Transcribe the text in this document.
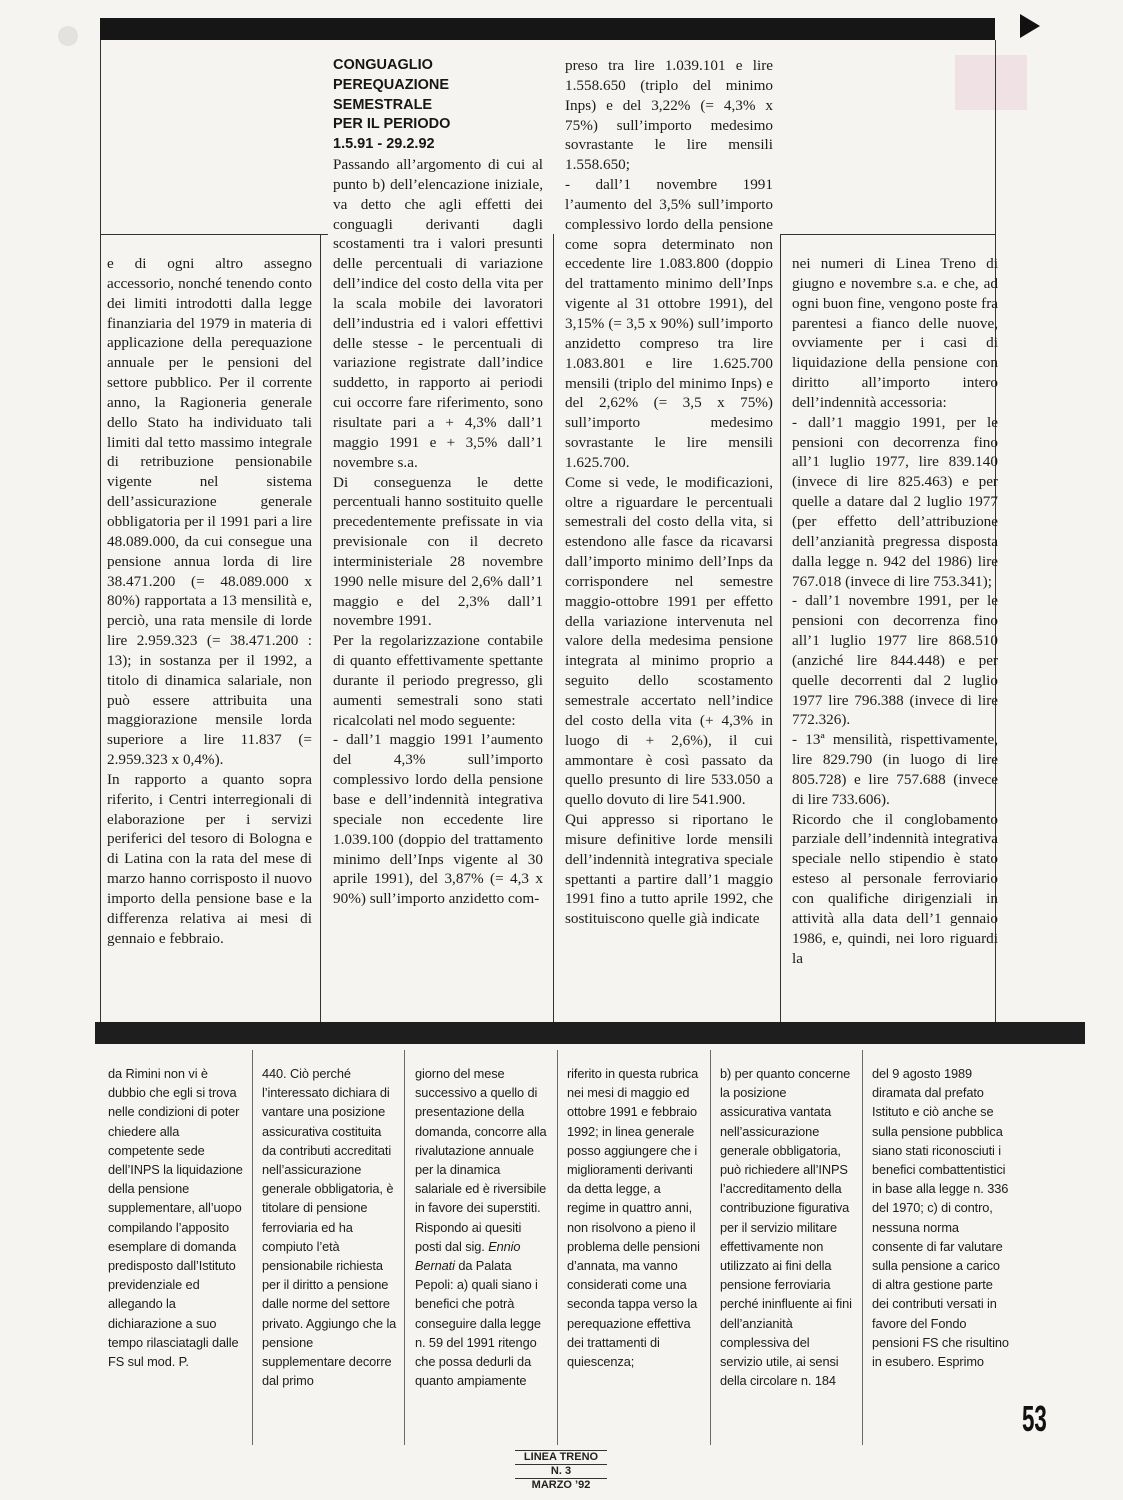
e di ogni altro assegno accessorio, nonché tenendo conto dei limiti introdotti dalla legge finanziaria del 1979 in materia di applicazione della perequazione annuale per le pensioni del settore pubblico. Per il corrente anno, la Ragioneria generale dello Stato ha individuato tali limiti dal tetto massimo integrale di retribuzione pensionabile vigente nel sistema dell’assicurazione generale obbligatoria per il 1991 pari a lire 48.089.000, da cui consegue una pensione annua lorda di lire 38.471.200 (= 48.089.000 x 80%) rapportata a 13 mensilità e, perciò, una rata mensile di lorde lire 2.959.323 (= 38.471.200 : 13); in sostanza per il 1992, a titolo di dinamica salariale, non può essere attribuita una maggiorazione mensile lorda superiore a lire 11.837 (= 2.959.323 x 0,4%).

In rapporto a quanto sopra riferito, i Centri interregionali di elaborazione per i servizi periferici del tesoro di Bologna e di Latina con la rata del mese di marzo hanno corrisposto il nuovo importo della pensione base e la differenza relativa ai mesi di gennaio e febbraio.

CONGUAGLIO
PEREQUAZIONE
SEMESTRALE
PER IL PERIODO
1.5.91 - 29.2.92

Passando all’argomento di cui al punto b) dell’elencazione iniziale, va detto che agli effetti dei conguagli derivanti dagli scostamenti tra i valori presunti delle percentuali di variazione dell’indice del costo della vita per la scala mobile dei lavoratori dell’industria ed i valori effettivi delle stesse - le percentuali di variazione registrate dall’indice suddetto, in rapporto ai periodi cui occorre fare riferimento, sono risultate pari a + 4,3% dall’1 maggio 1991 e + 3,5% dall’1 novembre s.a.

Di conseguenza le dette percentuali hanno sostituito quelle precedentemente prefissate in via previsionale con il decreto interministeriale 28 novembre 1990 nelle misure del 2,6% dall’1 maggio e del 2,3% dall’1 novembre 1991.

Per la regolarizzazione contabile di quanto effettivamente spettante durante il periodo pregresso, gli aumenti semestrali sono stati ricalcolati nel modo seguente:

- dall’1 maggio 1991 l’aumento del 4,3% sull’importo complessivo lordo della pensione base e dell’indennità integrativa speciale non eccedente lire 1.039.100 (doppio del trattamento minimo dell’Inps vigente al 30 aprile 1991), del 3,87% (= 4,3 x 90%) sull’importo anzidetto com-

preso tra lire 1.039.101 e lire 1.558.650 (triplo del minimo Inps) e del 3,22% (= 4,3% x 75%) sull’importo medesimo sovrastante le lire mensili 1.558.650;

- dall’1 novembre 1991 l’aumento del 3,5% sull’importo complessivo lordo della pensione come sopra determinato non eccedente lire 1.083.800 (doppio del trattamento minimo dell’Inps vigente al 31 ottobre 1991), del 3,15% (= 3,5 x 90%) sull’importo anzidetto compreso tra lire 1.083.801 e lire 1.625.700 mensili (triplo del minimo Inps) e del 2,62% (= 3,5 x 75%) sull’importo medesimo sovrastante le lire mensili 1.625.700.

Come si vede, le modificazioni, oltre a riguardare le percentuali semestrali del costo della vita, si estendono alle fasce da ricavarsi dall’importo minimo dell’Inps da corrispondere nel semestre maggio-ottobre 1991 per effetto della variazione intervenuta nel valore della medesima pensione integrata al minimo proprio a seguito dello scostamento semestrale accertato nell’indice del costo della vita (+ 4,3% in luogo di + 2,6%), il cui ammontare è così passato da quello presunto di lire 533.050 a quello dovuto di lire 541.900.

Qui appresso si riportano le misure definitive lorde mensili dell’indennità integrativa speciale spettanti a partire dall’1 maggio 1991 fino a tutto aprile 1992, che sostituiscono quelle già indicate

nei numeri di Linea Treno di giugno e novembre s.a. e che, ad ogni buon fine, vengono poste fra parentesi a fianco delle nuove, ovviamente per i casi di liquidazione della pensione con diritto all’importo intero dell’indennità accessoria:

- dall’1 maggio 1991, per le pensioni con decorrenza fino all’1 luglio 1977, lire 839.140 (invece di lire 825.463) e per quelle a datare dal 2 luglio 1977 (per effetto dell’attribuzione dell’anzianità pregressa disposta dalla legge n. 942 del 1986) lire 767.018 (invece di lire 753.341);

- dall’1 novembre 1991, per le pensioni con decorrenza fino all’1 luglio 1977 lire 868.510 (anziché lire 844.448) e per quelle decorrenti dal 2 luglio 1977 lire 796.388 (invece di lire 772.326).

- 13ª mensilità, rispettivamente, lire 829.790 (in luogo di lire 805.728) e lire 757.688 (invece di lire 733.606).

Ricordo che il conglobamento parziale dell’indennità integrativa speciale nello stipendio è stato esteso al personale ferroviario con qualifiche dirigenziali in attività alla data dell’1 gennaio 1986, e, quindi, nei loro riguardi la

da Rimini non vi è dubbio che egli si trova nelle condizioni di poter chiedere alla competente sede dell’INPS la liquidazione della pensione supplementare, all’uopo compilando l’apposito esemplare di domanda predisposto dall’Istituto previdenziale ed allegando la dichiarazione a suo tempo rilasciatagli dalle FS sul mod. P.

440. Ciò perché l’interessato dichiara di vantare una posizione assicurativa costituita da contributi accreditati nell’assicurazione generale obbligatoria, è titolare di pensione ferroviaria ed ha compiuto l’età pensionabile richiesta per il diritto a pensione dalle norme del settore privato. Aggiungo che la pensione supplementare decorre dal primo

giorno del mese successivo a quello di presentazione della domanda, concorre alla rivalutazione annuale per la dinamica salariale ed è riversibile in favore dei superstiti. Rispondo ai quesiti posti dal sig. Ennio Bernati da Palata Pepoli: a) quali siano i benefici che potrà conseguire dalla legge n. 59 del 1991 ritengo che possa dedurli da quanto ampiamente

riferito in questa rubrica nei mesi di maggio ed ottobre 1991 e febbraio 1992; in linea generale posso aggiungere che i miglioramenti derivanti da detta legge, a regime in quattro anni, non risolvono a pieno il problema delle pensioni d’annata, ma vanno considerati come una seconda tappa verso la perequazione effettiva dei trattamenti di quiescenza;

b) per quanto concerne la posizione assicurativa vantata nell’assicurazione generale obbligatoria, può richiedere all’INPS l’accreditamento della contribuzione figurativa per il servizio militare effettivamente non utilizzato ai fini della pensione ferroviaria perché ininfluente ai fini dell’anzianità complessiva del servizio utile, ai sensi della circolare n. 184

del 9 agosto 1989 diramata dal prefato Istituto e ciò anche se sulla pensione pubblica siano stati riconosciuti i benefici combattentistici in base alla legge n. 336 del 1970; c) di contro, nessuna norma consente di far valutare sulla pensione a carico di altra gestione parte dei contributi versati in favore del Fondo pensioni FS che risultino in esubero. Esprimo

53
LINEA TRENO
N. 3
MARZO ’92
